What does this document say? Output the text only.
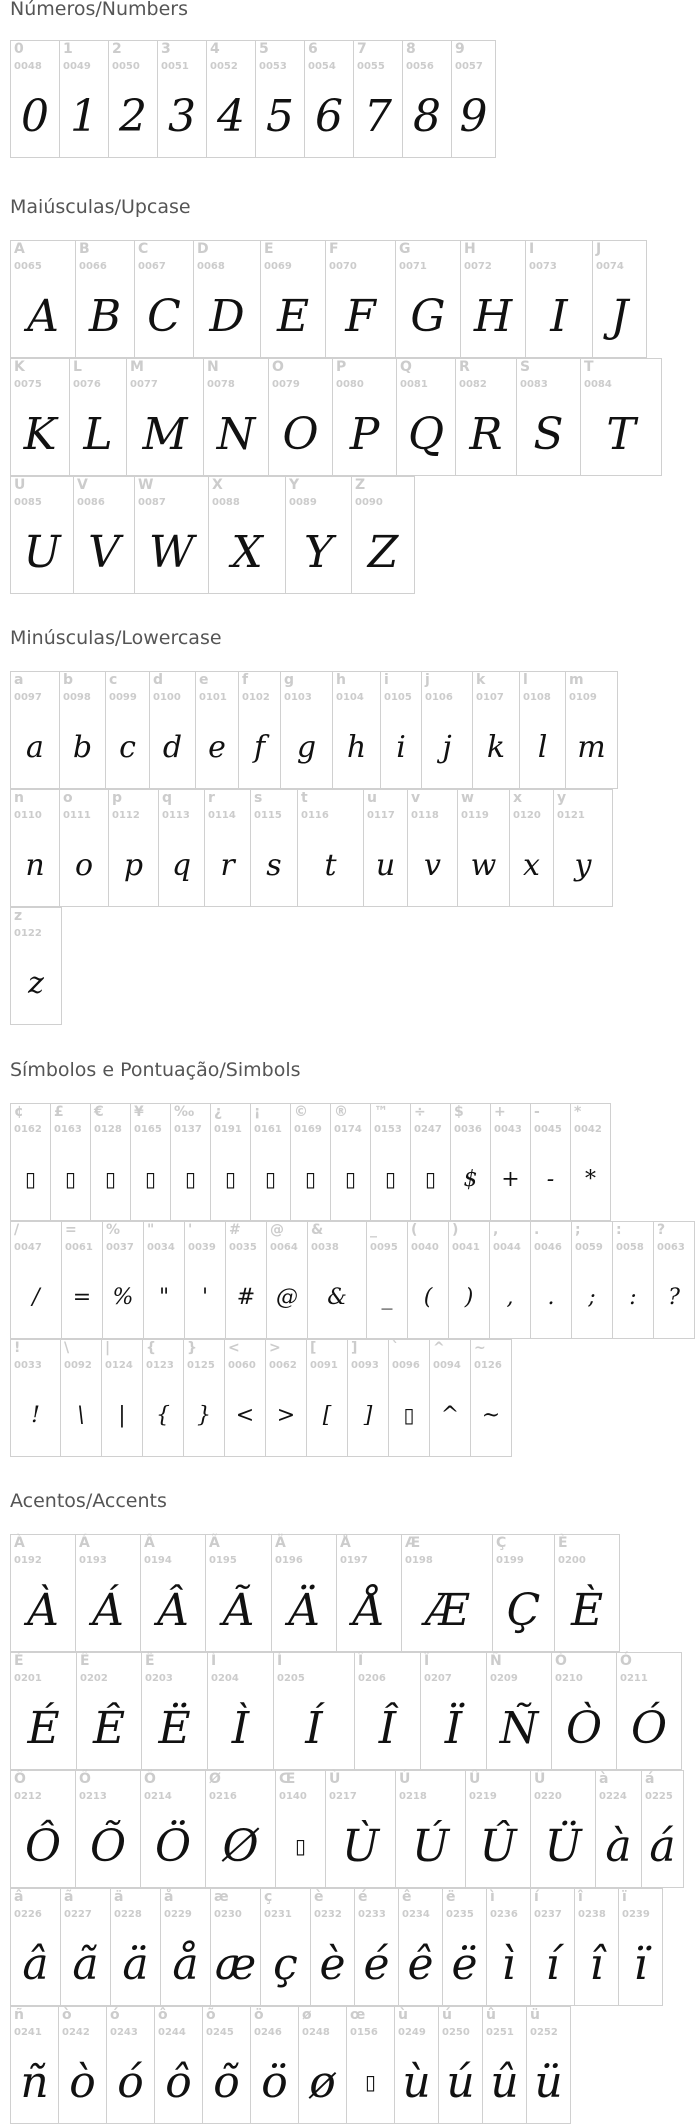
Números/Numbers
0
0048
0
1
0049
1
2
0050
2
3
0051
3
4
0052
4
5
0053
5
6
0054
6
7
0055
7
8
0056
8
9
0057
9
Maiúsculas/Upcase
A
0065
A
B
0066
B
C
0067
C
D
0068
D
E
0069
E
F
0070
F
G
0071
G
H
0072
H
I
0073
I
J
0074
J
K
0075
K
L
0076
L
M
0077
M
N
0078
N
O
0079
O
P
0080
P
Q
0081
Q
R
0082
R
S
0083
S
T
0084
T
U
0085
U
V
0086
V
W
0087
W
X
0088
X
Y
0089
Y
Z
0090
Z
Minúsculas/Lowercase
a
0097
a
b
0098
b
c
0099
c
d
0100
d
e
0101
e
f
0102
f
g
0103
g
h
0104
h
i
0105
i
j
0106
j
k
0107
k
l
0108
l
m
0109
m
n
0110
n
o
0111
o
p
0112
p
q
0113
q
r
0114
r
s
0115
s
t
0116
t
u
0117
u
v
0118
v
w
0119
w
x
0120
x
y
0121
y
z
0122
z
Símbolos e Pontuação/Simbols
¢
0162
▯
£
0163
▯
€
0128
▯
¥
0165
▯
‰
0137
▯
¿
0191
▯
¡
0161
▯
©
0169
▯
®
0174
▯
™
0153
▯
÷
0247
▯
$
0036
$
+
0043
+
-
0045
-
*
0042
*
/
0047
/
=
0061
=
%
0037
%
"
0034
"
'
0039
'
#
0035
#
@
0064
@
&
0038
&
_
0095
_
(
0040
(
)
0041
)
,
0044
,
.
0046
.
;
0059
;
:
0058
:
?
0063
?
!
0033
!
\
0092
\
|
0124
|
{
0123
{
}
0125
}
<
0060
<
>
0062
>
[
0091
[
]
0093
]
`
0096
▯
^
0094
^
~
0126
~
Acentos/Accents
À
0192
À
Á
0193
Á
Â
0194
Â
Ã
0195
Ã
Ä
0196
Ä
Å
0197
Å
Æ
0198
Æ
Ç
0199
Ç
È
0200
È
É
0201
É
Ê
0202
Ê
Ë
0203
Ë
Ì
0204
Ì
Í
0205
Í
Î
0206
Î
Ï
0207
Ï
Ñ
0209
Ñ
Ò
0210
Ò
Ó
0211
Ó
Ô
0212
Ô
Õ
0213
Õ
Ö
0214
Ö
Ø
0216
Ø
Œ
0140
▯
Ù
0217
Ù
Ú
0218
Ú
Û
0219
Û
Ü
0220
Ü
à
0224
à
á
0225
á
â
0226
â
ã
0227
ã
ä
0228
ä
å
0229
å
æ
0230
æ
ç
0231
ç
è
0232
è
é
0233
é
ê
0234
ê
ë
0235
ë
ì
0236
ì
í
0237
í
î
0238
î
ï
0239
ï
ñ
0241
ñ
ò
0242
ò
ó
0243
ó
ô
0244
ô
õ
0245
õ
ö
0246
ö
ø
0248
ø
œ
0156
▯
ù
0249
ù
ú
0250
ú
û
0251
û
ü
0252
ü
